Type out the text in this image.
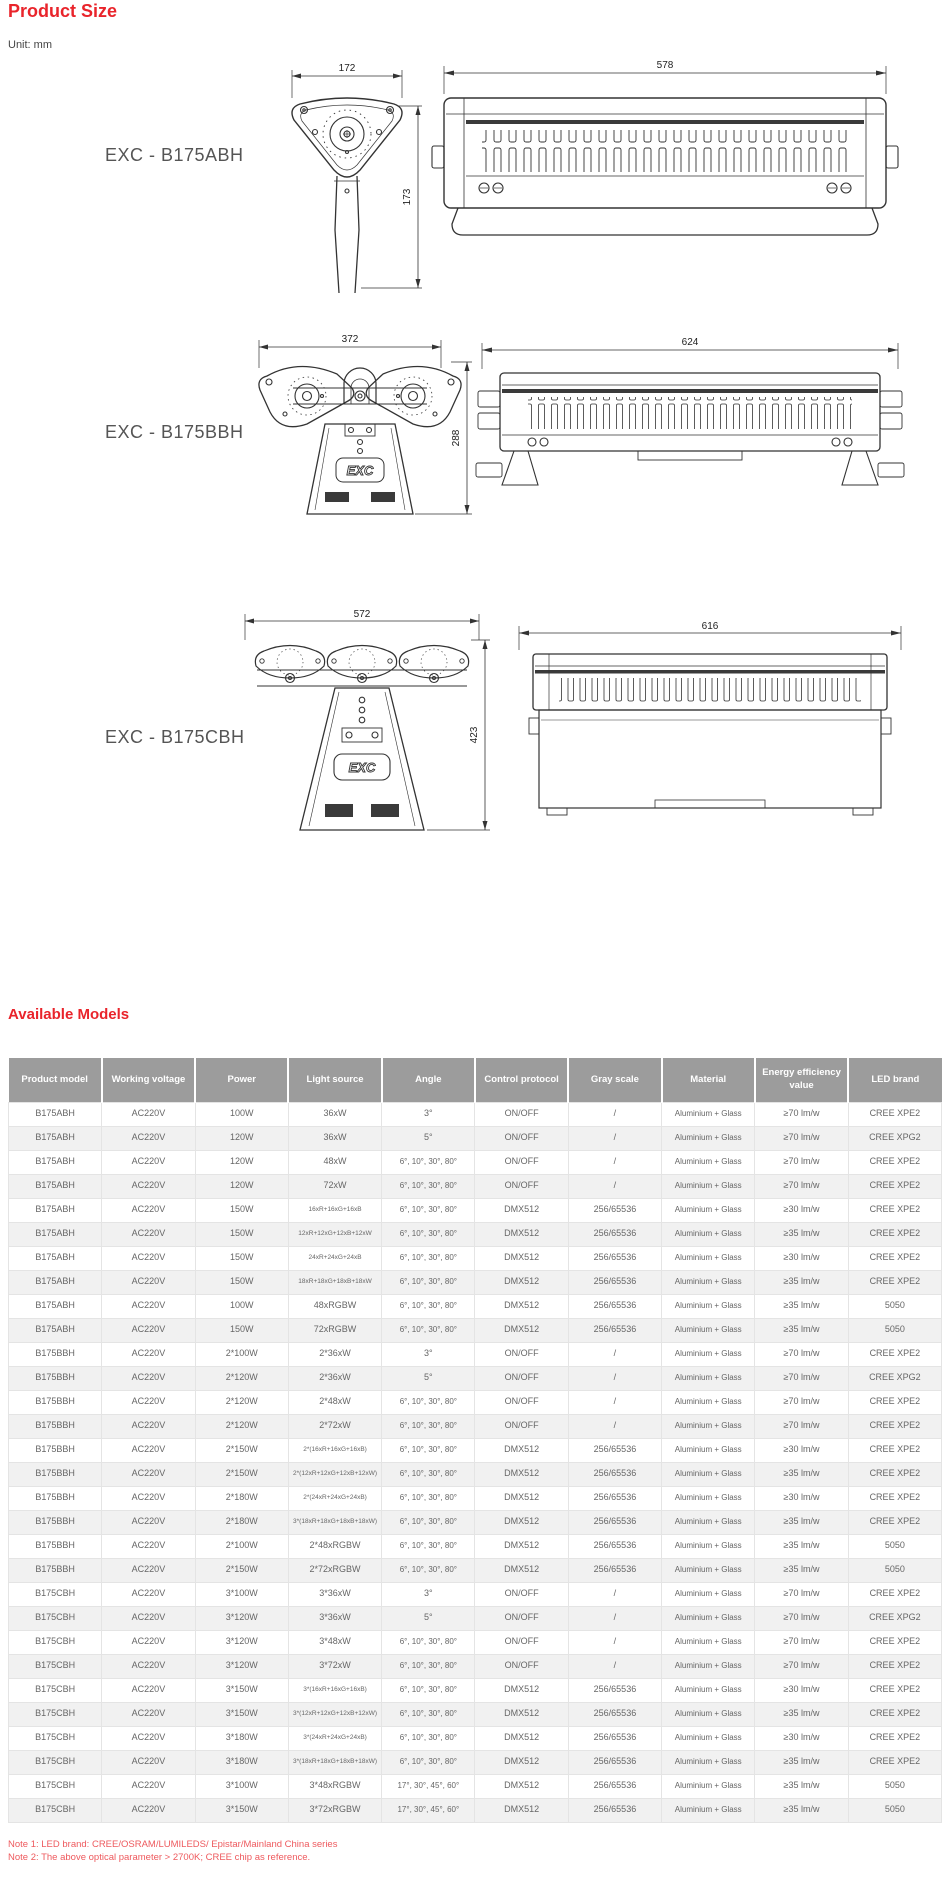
Product Size
Unit: mm
EXC - B175ABH
172
173
578
EXC - B175BBH
372
EXC
288
624
EXC - B175CBH
572
EXC
423
616
Available Models
Product model	Working voltage	Power	Light source	Angle	Control protocol	Gray scale	Material	Energy efficiency value	LED brand
B175ABH	AC220V	100W	36xW	3°	ON/OFF	/	Aluminium + Glass	≥70 lm/w	CREE XPE2
B175ABH	AC220V	120W	36xW	5°	ON/OFF	/	Aluminium + Glass	≥70 lm/w	CREE XPG2
B175ABH	AC220V	120W	48xW	6°, 10°, 30°, 80°	ON/OFF	/	Aluminium + Glass	≥70 lm/w	CREE XPE2
B175ABH	AC220V	120W	72xW	6°, 10°, 30°, 80°	ON/OFF	/	Aluminium + Glass	≥70 lm/w	CREE XPE2
B175ABH	AC220V	150W	16xR+16xG+16xB	6°, 10°, 30°, 80°	DMX512	256/65536	Aluminium + Glass	≥30 lm/w	CREE XPE2
B175ABH	AC220V	150W	12xR+12xG+12xB+12xW	6°, 10°, 30°, 80°	DMX512	256/65536	Aluminium + Glass	≥35 lm/w	CREE XPE2
B175ABH	AC220V	150W	24xR+24xG+24xB	6°, 10°, 30°, 80°	DMX512	256/65536	Aluminium + Glass	≥30 lm/w	CREE XPE2
B175ABH	AC220V	150W	18xR+18xG+18xB+18xW	6°, 10°, 30°, 80°	DMX512	256/65536	Aluminium + Glass	≥35 lm/w	CREE XPE2
B175ABH	AC220V	100W	48xRGBW	6°, 10°, 30°, 80°	DMX512	256/65536	Aluminium + Glass	≥35 lm/w	5050
B175ABH	AC220V	150W	72xRGBW	6°, 10°, 30°, 80°	DMX512	256/65536	Aluminium + Glass	≥35 lm/w	5050
B175BBH	AC220V	2*100W	2*36xW	3°	ON/OFF	/	Aluminium + Glass	≥70 lm/w	CREE XPE2
B175BBH	AC220V	2*120W	2*36xW	5°	ON/OFF	/	Aluminium + Glass	≥70 lm/w	CREE XPG2
B175BBH	AC220V	2*120W	2*48xW	6°, 10°, 30°, 80°	ON/OFF	/	Aluminium + Glass	≥70 lm/w	CREE XPE2
B175BBH	AC220V	2*120W	2*72xW	6°, 10°, 30°, 80°	ON/OFF	/	Aluminium + Glass	≥70 lm/w	CREE XPE2
B175BBH	AC220V	2*150W	2*(16xR+16xG+16xB)	6°, 10°, 30°, 80°	DMX512	256/65536	Aluminium + Glass	≥30 lm/w	CREE XPE2
B175BBH	AC220V	2*150W	2*(12xR+12xG+12xB+12xW)	6°, 10°, 30°, 80°	DMX512	256/65536	Aluminium + Glass	≥35 lm/w	CREE XPE2
B175BBH	AC220V	2*180W	2*(24xR+24xG+24xB)	6°, 10°, 30°, 80°	DMX512	256/65536	Aluminium + Glass	≥30 lm/w	CREE XPE2
B175BBH	AC220V	2*180W	3*(18xR+18xG+18xB+18xW)	6°, 10°, 30°, 80°	DMX512	256/65536	Aluminium + Glass	≥35 lm/w	CREE XPE2
B175BBH	AC220V	2*100W	2*48xRGBW	6°, 10°, 30°, 80°	DMX512	256/65536	Aluminium + Glass	≥35 lm/w	5050
B175BBH	AC220V	2*150W	2*72xRGBW	6°, 10°, 30°, 80°	DMX512	256/65536	Aluminium + Glass	≥35 lm/w	5050
B175CBH	AC220V	3*100W	3*36xW	3°	ON/OFF	/	Aluminium + Glass	≥70 lm/w	CREE XPE2
B175CBH	AC220V	3*120W	3*36xW	5°	ON/OFF	/	Aluminium + Glass	≥70 lm/w	CREE XPG2
B175CBH	AC220V	3*120W	3*48xW	6°, 10°, 30°, 80°	ON/OFF	/	Aluminium + Glass	≥70 lm/w	CREE XPE2
B175CBH	AC220V	3*120W	3*72xW	6°, 10°, 30°, 80°	ON/OFF	/	Aluminium + Glass	≥70 lm/w	CREE XPE2
B175CBH	AC220V	3*150W	3*(16xR+16xG+16xB)	6°, 10°, 30°, 80°	DMX512	256/65536	Aluminium + Glass	≥30 lm/w	CREE XPE2
B175CBH	AC220V	3*150W	3*(12xR+12xG+12xB+12xW)	6°, 10°, 30°, 80°	DMX512	256/65536	Aluminium + Glass	≥35 lm/w	CREE XPE2
B175CBH	AC220V	3*180W	3*(24xR+24xG+24xB)	6°, 10°, 30°, 80°	DMX512	256/65536	Aluminium + Glass	≥30 lm/w	CREE XPE2
B175CBH	AC220V	3*180W	3*(18xR+18xG+18xB+18xW)	6°, 10°, 30°, 80°	DMX512	256/65536	Aluminium + Glass	≥35 lm/w	CREE XPE2
B175CBH	AC220V	3*100W	3*48xRGBW	17°, 30°, 45°, 60°	DMX512	256/65536	Aluminium + Glass	≥35 lm/w	5050
B175CBH	AC220V	3*150W	3*72xRGBW	17°, 30°, 45°, 60°	DMX512	256/65536	Aluminium + Glass	≥35 lm/w	5050
Note 1: LED brand: CREE/OSRAM/LUMILEDS/ Epistar/Mainland China series
Note 2: The above optical parameter > 2700K; CREE chip as reference.
